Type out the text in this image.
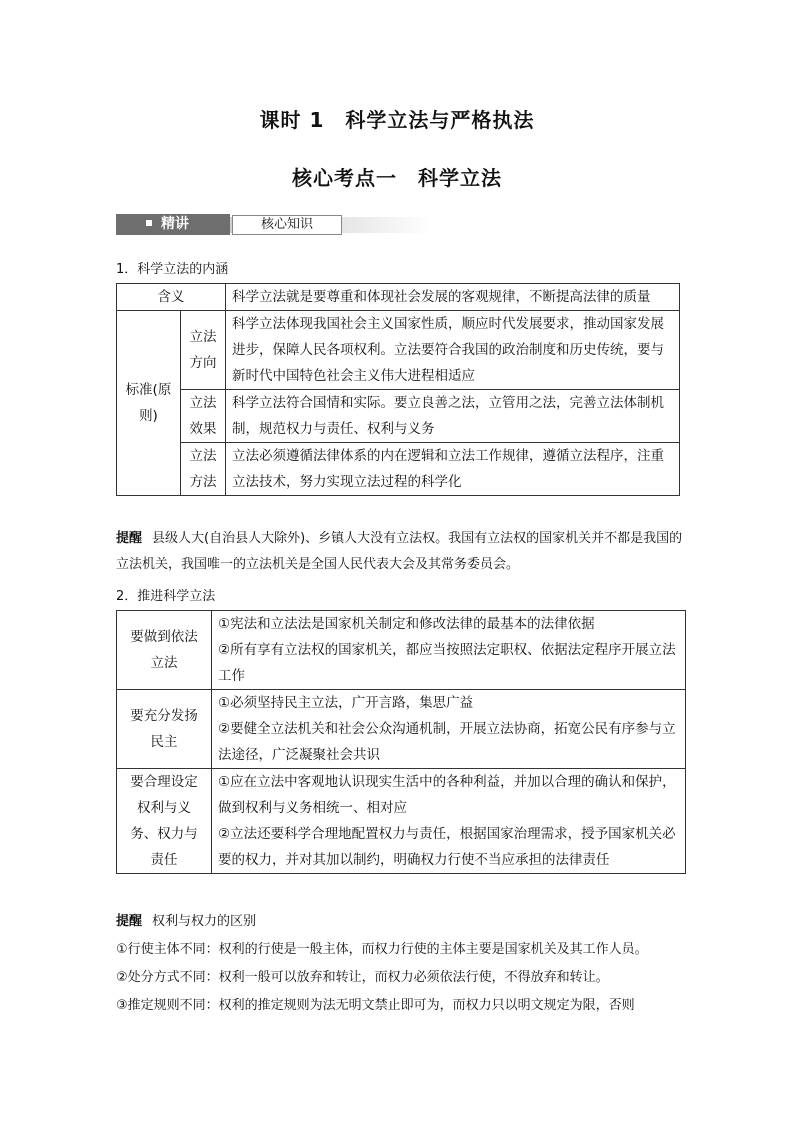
课时 1　科学立法与严格执法
核心考点一　科学立法
精讲	核心知识
1．科学立法的内涵
含义		科学立法就是要尊重和体现社会发展的客观规律，不断提高法律的质量
标准(原则)	立法方向	科学立法体现我国社会主义国家性质，顺应时代发展要求，推动国家发展进步，保障人民各项权利。立法要符合我国的政治制度和历史传统，要与新时代中国特色社会主义伟大进程相适应
	立法效果	科学立法符合国情和实际。要立良善之法，立管用之法，完善立法体制机制，规范权力与责任、权利与义务
	立法方法	立法必须遵循法律体系的内在逻辑和立法工作规律，遵循立法程序，注重立法技术，努力实现立法过程的科学化
提醒 县级人大(自治县人大除外)、乡镇人大没有立法权。我国有立法权的国家机关并不都是我国的立法机关，我国唯一的立法机关是全国人民代表大会及其常务委员会。
2．推进科学立法
要做到依法立法	①宪法和立法法是国家机关制定和修改法律的最基本的法律依据
②所有享有立法权的国家机关，都应当按照法定职权、依据法定程序开展立法工作

要充分发扬民主	①必须坚持民主立法，广开言路，集思广益
②要健全立法机关和社会公众沟通机制，开展立法协商，拓宽公民有序参与立法途径，广泛凝聚社会共识

要合理设定权利与义务、权力与责任	①应在立法中客观地认识现实生活中的各种利益，并加以合理的确认和保护，做到权利与义务相统一、相对应
②立法还要科学合理地配置权力与责任，根据国家治理需求，授予国家机关必要的权力，并对其加以制约，明确权力行使不当应承担的法律责任
提醒 权利与权力的区别
①行使主体不同：权利的行使是一般主体，而权力行使的主体主要是国家机关及其工作人员。
②处分方式不同：权利一般可以放弃和转让，而权力必须依法行使，不得放弃和转让。
③推定规则不同：权利的推定规则为法无明文禁止即可为，而权力只以明文规定为限，否则
